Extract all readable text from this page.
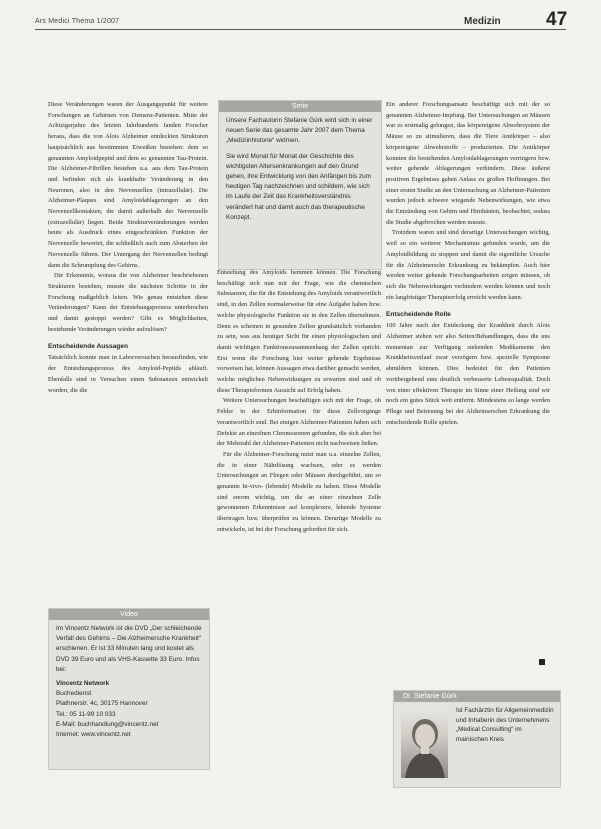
Ars Medici Thema 1/2007	Medizin 47

Diese Veränderungen waren der Ausgangspunkt für weitere Forschungen an Gehirnen von Demenz-Patienten. Mitte der Achtzigerjahre des letzten Jahrhunderts fanden Forscher heraus, dass die von Alois Alzheimer entdeckten Strukturen hauptsächlich aus bestimmten Eiweißen bestehen: dem so genannten Amyloidpeptid und dem so genannten Tau-Protein. Die Alzheimer-Fibrillen bestehen u.a. aus dem Tau-Protein und befinden sich als krankhafte Veränderung in den Neuronen, also in den Nervenzellen (intrazellulär). Die Alzheimer-Plaques sind Amyloidablagerungen an den Nervenzellkontakten, die damit außerhalb der Nervenzelle (extrazellulär) liegen. Beide Strukturveränderungen werden heute als Ausdruck eines eingeschränkten Funktion der Nervenzelle bewertet, die schließlich auch zum Absterben der Nervenzelle führen. Der Untergang der Nervenzellen bedingt dann die Schrumpfung des Gehirns.

Die Erkenntnis, woraus die von Alzheimer beschriebenen Strukturen bestehen, musste die nächsten Schritte in der Forschung maßgeblich leiten. Wie genau entstehen diese Veränderungen? Kann der Entstehungsprozess unterbrochen und damit gestoppt werden? Gibt es Möglichkeiten, bestehende Veränderungen wieder aufzulösen?

Entscheidende Aussagen

Tatsächlich konnte man in Laborversuchen herausfinden, wie der Entstehungsprozess des Amyloid-Peptids abläuft. Ebenfalls sind in Versuchen einen Substanzen entwickelt worden, die die

Serie

Unsere Fachautorin Stefanie Gürk wird sich in einer neuen Serie das gesamte Jahr 2007 dem Thema „Mediziinhistorie“ widmen.

Sie wird Monat für Monat der Geschichte des wichtigsten Altersenkrankungen auf den Grund gehen, ihre Entwicklung von den Anfängen bis zum heutigen Tag nachzeichnen und schildern, wie sich im Laufe der Zeit das Krankheitsverständnis verändert hat und damit auch das therapeutische Konzept.

Entstehung des Amyloids hemmen können. Die Forschung beschäftigt sich nun mit der Frage, wie die chemischen Substanzen, die für die Entstehung des Amyloids verantwortlich sind, in den Zellen normalerweise für eine Aufgabe haben bzw. welche physiologische Funktion sie in den Zellen übernehmen. Denn es scheinen in gesunden Zellen grundsätzlich vorhanden zu sein, was aus heutiger Sicht für einen physiologischen und damit wichtigen Funktionszusammenhang der Zellen spricht. Erst wenn die Forschung hier weiter gehende Ergebnisse vorweisen hat, können Aussagen etwa darüber gemacht werden, welche möglichen Nebenwirkungen zu erwarten sind und ob diese Therapieformen Aussicht auf Erfolg haben.

Weitere Untersuchungen beschäftigen sich mit der Frage, ob Fehler in der Erbinformation für diese Zellvorgänge verantwortlich sind. Bei einigen Alzheimer-Patienten haben sich Defekte an einzelnen Chromosomen gefunden, die sich aber bei der Mehrzahl der Alzheimer-Patienten nicht nachweisen ließen.

Für die Alzheimer-Forschung nutzt man u.a. einzelne Zellen, die in einer Nährlösung wachsen, oder es werden Untersuchungen an Fliegen oder Mäusen durchgeführt, um so genannte In-vivo- (lebende) Modelle zu haben. Diese Modelle sind enorm wichtig, um die an einer einzelnen Zelle gewonnenen Erkenntnisse auf komplexere, lebende Systeme übertragen bzw. überprüfen zu können. Derartige Modelle zu entwickeln, ist bei der Forschung gefordert für sich.

Ein anderer Forschungsansatz beschäftigt sich mit der so genannten Alzheimer-Impfung. Bei Untersuchungen an Mäusen war es erstmalig gelungen, das körpereigene Abwehrsystem der Mäuse so zu stimulieren, dass die Tiere Antikörper – also körpereigene Abwehrstoffe – produzierten. Die Antikörper konnten die bestehenden Amyloidablagerungen verringern bzw. weiter gehende Ablagerungen verhindern. Diese äußerst positiven Ergebnisse gaben Anlass zu großen Hoffnungen. Bei einer ersten Studie an den Untersuchung an Alzheimer-Patienten wurden jedoch schwere wiegende Nebenwirkungen, wie etwa die Entzündung von Gehirn und Hirnhäuten, beobachtet, sodass die Studie abgebrochen werden musste.

Trotzdem waren und sind derartige Untersuchungen wichtig, weil so ein weiterer Mechanismus gefunden wurde, um die Amyloidbildung zu stoppen und damit die eigentliche Ursache für die Alzheimersche Erkrankung zu bekämpfen. Auch hier werden weiter gehende Forschungsarbeiten zeigen müssen, ob sich die Nebenwirkungen verhindern werden können und noch ein langfristiger Therapieerfolg erreicht werden kann.

Entscheidende Rolle

100 Jahre nach der Entdeckung der Krankheit durch Alois Alzheimer stehen wir also Seiten/Behandlungen, dass die uns momentan zur Verfügung stehenden Medikamente den Krankheitsverlauf zwar verzögern bzw. spezielle Symptome abmildern können. Dies bedeutet für den Patienten vorübergehend eine deutlich verbesserte Lebensqualität. Doch von einer effektiven Therapie im Sinne einer Heilung sind wir noch ein gutes Stück weit entfernt. Mindestens so lange werden Pflege und Betreuung bei der Alzheimerschen Erkrankung die entscheidende Rolle spielen.

Video
Im Vincentz Network ist die DVD „Der schleichende Verfall des Gehirns – Die Alzheimersche Krankheit“ erschienen. Er ist 33 Minuten lang und kostet als DVD 39 Euro und als VHS-Kassette 33 Euro. Infos bei:
Vincentz Network
Buchedienst
Plathnerstr. 4c, 30175 Hannover
Tel.: 05 11-99 10 033
E-Mail: buchhandlung@vincentz.net
Internet: www.vincentz.net
Dr. Stefanie Gürk
Ist Fachärztin für Allgemeinmedizin und Inhaberin des Unternehmens „Medical Consulting“ im mainischen Kreis
